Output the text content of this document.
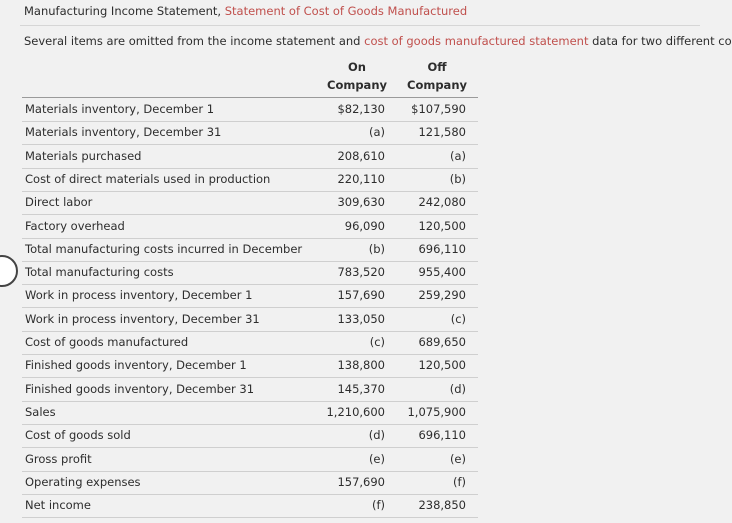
Manufacturing Income Statement, Statement of Cost of Goods Manufactured
Several items are omitted from the income statement and cost of goods manufactured statement data for two different co
On
Company
Off
Company
Materials inventory, December 1	$82,130 $107,590
Materials inventory, December 31	(a)	121,580
Materials purchased	208,610	(a)
Cost of direct materials used in production	220,110	(b)
Direct labor	309,630	242,080
Factory overhead	96,090	120,500
Total manufacturing costs incurred in December	(b)	696,110
Total manufacturing costs	783,520	955,400
Work in process inventory, December 1	157,690	259,290
Work in process inventory, December 31	133,050	(c)
Cost of goods manufactured	(c)	689,650
Finished goods inventory, December 1	138,800	120,500
Finished goods inventory, December 31	145,370	(d)
Sales	1,210,600 1,075,900
Cost of goods sold	(d)	696,110
Gross profit	(e)	(e)
Operating expenses	157,690	(f)
Net income	(f)	238,850
